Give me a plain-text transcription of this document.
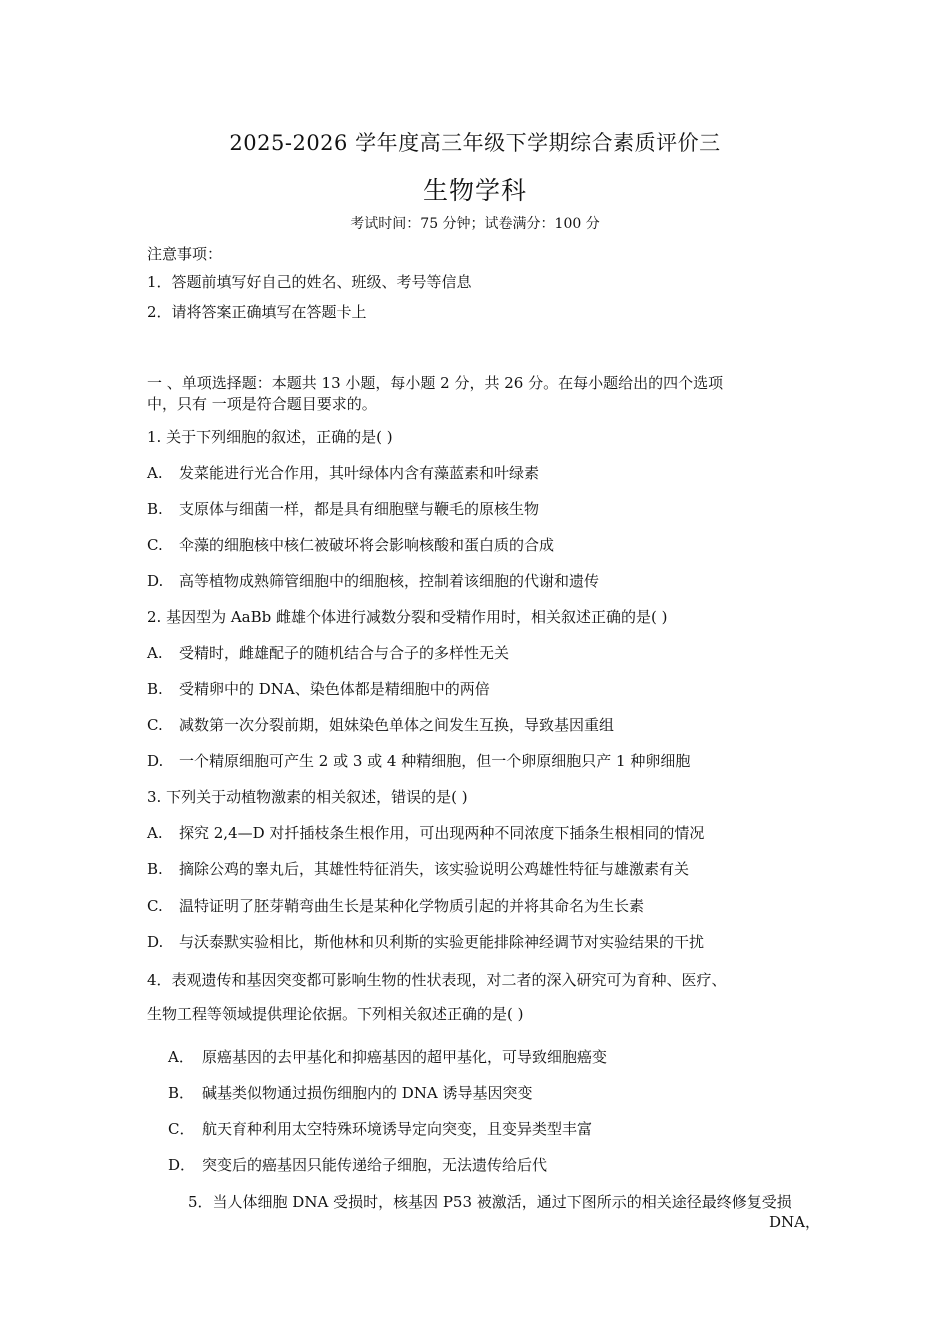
2025-2026 学年度高三年级下学期综合素质评价三
生物学科
考试时间：75 分钟；试卷满分：100 分
注意事项：
1．答题前填写好自己的姓名、班级、考号等信息
2．请将答案正确填写在答题卡上
一 、单项选择题：本题共 13 小题，每小题 2 分，共 26 分。在每小题给出的四个选项
中，只有 一项是符合题目要求的。
1. 关于下列细胞的叙述，正确的是( )
A. 发菜能进行光合作用，其叶绿体内含有藻蓝素和叶绿素
B. 支原体与细菌一样，都是具有细胞壁与鞭毛的原核生物
C. 伞藻的细胞核中核仁被破坏将会影响核酸和蛋白质的合成
D. 高等植物成熟筛管细胞中的细胞核，控制着该细胞的代谢和遗传
2. 基因型为 AaBb 雌雄个体进行减数分裂和受精作用时，相关叙述正确的是( )
A. 受精时，雌雄配子的随机结合与合子的多样性无关
B. 受精卵中的 DNA、染色体都是精细胞中的两倍
C. 减数第一次分裂前期，姐妹染色单体之间发生互换，导致基因重组
D. 一个精原细胞可产生 2 或 3 或 4 种精细胞，但一个卵原细胞只产 1 种卵细胞
3. 下列关于动植物激素的相关叙述，错误的是( )
A. 探究 2,4—D 对扦插枝条生根作用，可出现两种不同浓度下插条生根相同的情况
B. 摘除公鸡的睾丸后，其雄性特征消失，该实验说明公鸡雄性特征与雄激素有关
C. 温特证明了胚芽鞘弯曲生长是某种化学物质引起的并将其命名为生长素
D. 与沃泰默实验相比，斯他林和贝利斯的实验更能排除神经调节对实验结果的干扰
4．表观遗传和基因突变都可影响生物的性状表现，对二者的深入研究可为育种、医疗、
生物工程等领域提供理论依据。下列相关叙述正确的是( )
A． 原癌基因的去甲基化和抑癌基因的超甲基化，可导致细胞癌变
B． 碱基类似物通过损伤细胞内的 DNA 诱导基因突变
C． 航天育种利用太空特殊环境诱导定向突变，且变异类型丰富
D． 突变后的癌基因只能传递给子细胞，无法遗传给后代
5．当人体细胞 DNA 受损时，核基因 P53 被激活，通过下图所示的相关途径最终修复受损
DNA，
